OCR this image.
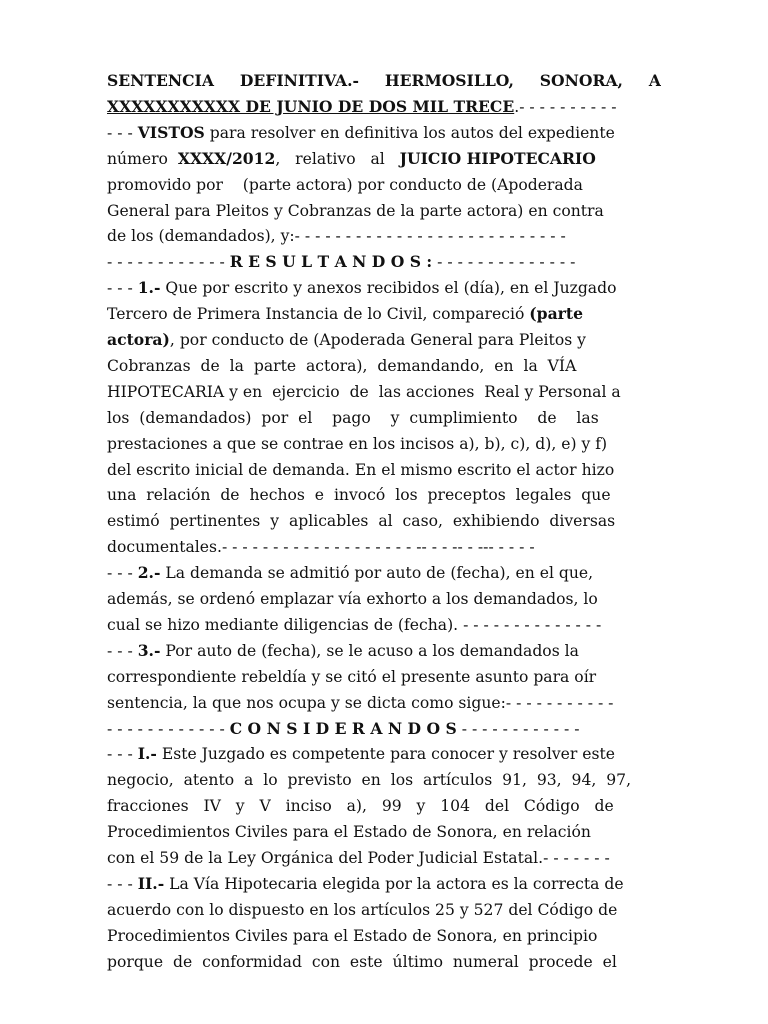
SENTENCIA DEFINITIVA.- HERMOSILLO, SONORA, A
XXXXXXXXXXX DE JUNIO DE DOS MIL TRECE.- - - - - - - - - -
- - - VISTOS para resolver en definitiva los autos del expediente
número  XXXX/2012,   relativo   al   JUICIO HIPOTECARIO
promovido por    (parte actora) por conducto de (Apoderada
General para Pleitos y Cobranzas de la parte actora) en contra
de los (demandados), y:- - - - - - - - - - - - - - - - - - - - - - - - - - -
- - - - - - - - - - - - R E S U L T A N D O S : - - - - - - - - - - - - - -
- - - 1.- Que por escrito y anexos recibidos el (día), en el Juzgado
Tercero de Primera Instancia de lo Civil, compareció (parte
actora), por conducto de (Apoderada General para Pleitos y
Cobranzas  de  la  parte  actora),  demandando,  en  la  VÍA
HIPOTECARIA y en  ejercicio  de  las acciones  Real y Personal a
los  (demandados)  por  el    pago    y  cumplimiento    de    las
prestaciones a que se contrae en los incisos a), b), c), d), e) y f)
del escrito inicial de demanda. En el mismo escrito el actor hizo
una  relación  de  hechos  e  invocó  los  preceptos  legales  que
estimó  pertinentes  y  aplicables  al  caso,  exhibiendo  diversas
documentales.- - - - - - - - - - - - - - - - - - - -- - - -- - --- - - - -
- - - 2.- La demanda se admitió por auto de (fecha), en el que,
además, se ordenó emplazar vía exhorto a los demandados, lo
cual se hizo mediante diligencias de (fecha). - - - - - - - - - - - - - -
- - - 3.- Por auto de (fecha), se le acuso a los demandados la
correspondiente rebeldía y se citó el presente asunto para oír
sentencia, la que nos ocupa y se dicta como sigue:- - - - - - - - - - -
- - - - - - - - - - - - C O N S I D E R A N D O S - - - - - - - - - - - -
- - - I.- Este Juzgado es competente para conocer y resolver este
negocio,  atento  a  lo  previsto  en  los  artículos  91,  93,  94,  97,
fracciones   IV   y   V   inciso   a),   99   y   104   del   Código   de
Procedimientos Civiles para el Estado de Sonora, en relación
con el 59 de la Ley Orgánica del Poder Judicial Estatal.- - - - - - -
- - - II.- La Vía Hipotecaria elegida por la actora es la correcta de
acuerdo con lo dispuesto en los artículos 25 y 527 del Código de
Procedimientos Civiles para el Estado de Sonora, en principio
porque  de  conformidad  con  este  último  numeral  procede  el
